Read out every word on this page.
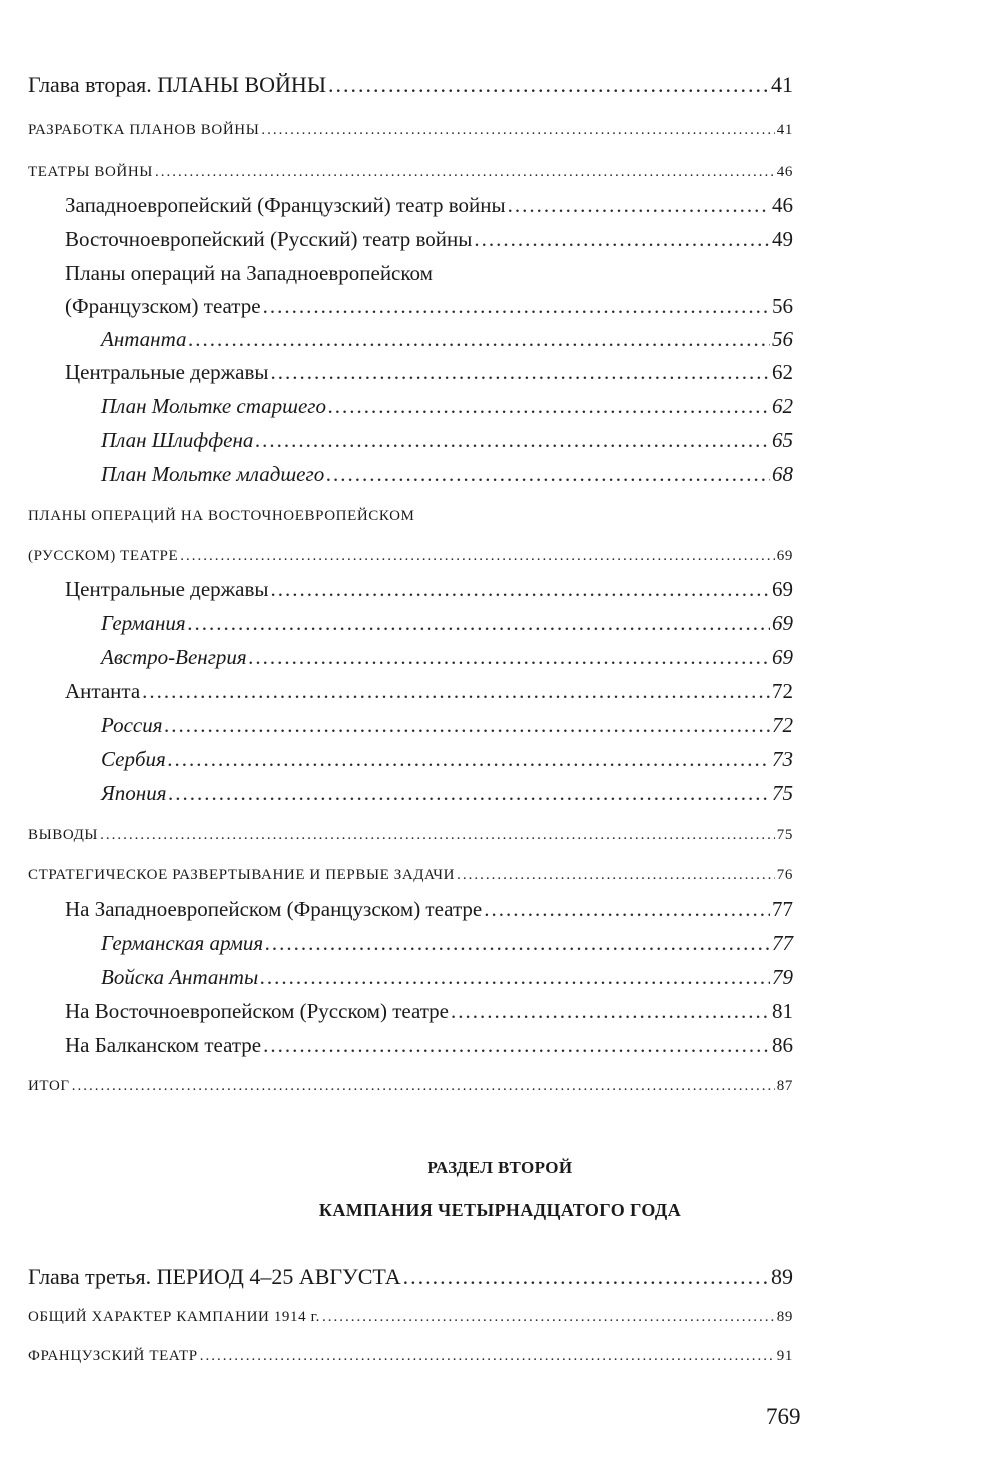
Глава вторая. ПЛАНЫ ВОЙНЫ .....	41
РАЗРАБОТКА ПЛАНОВ ВОЙНЫ .....	41
ТЕАТРЫ ВОЙНЫ .....	46
Западноевропейский (Французский) театр войны .....	46
Восточноевропейский (Русский) театр войны .....	49
Планы операций на Западноевропейском
(Французском) театре .....	56
Антанта .....	56
Центральные державы .....	62
План Мольтке старшего .....	62
План Шлиффена .....	65
План Мольтке младшего .....	68
ПЛАНЫ ОПЕРАЦИЙ НА ВОСТОЧНОЕВРОПЕЙСКОМ
(РУССКОМ) ТЕАТРЕ .....	69
Центральные державы .....	69
Германия .....	69
Австро-Венгрия .....	69
Антанта .....	72
Россия .....	72
Сербия .....	73
Япония .....	75
ВЫВОДЫ .....	75
СТРАТЕГИЧЕСКОЕ РАЗВЕРТЫВАНИЕ И ПЕРВЫЕ ЗАДАЧИ .....	76
На Западноевропейском (Французском) театре .....	77
Германская армия .....	77
Войска Антанты .....	79
На Восточноевропейском (Русском) театре .....	81
На Балканском театре .....	86
ИТОГ .....	87
РАЗДЕЛ ВТОРОЙ
КАМПАНИЯ ЧЕТЫРНАДЦАТОГО ГОДА
Глава третья. ПЕРИОД 4–25 АВГУСТА .....	89
ОБЩИЙ ХАРАКТЕР КАМПАНИИ 1914 г. .....	89
ФРАНЦУЗСКИЙ ТЕАТР .....	91
769
